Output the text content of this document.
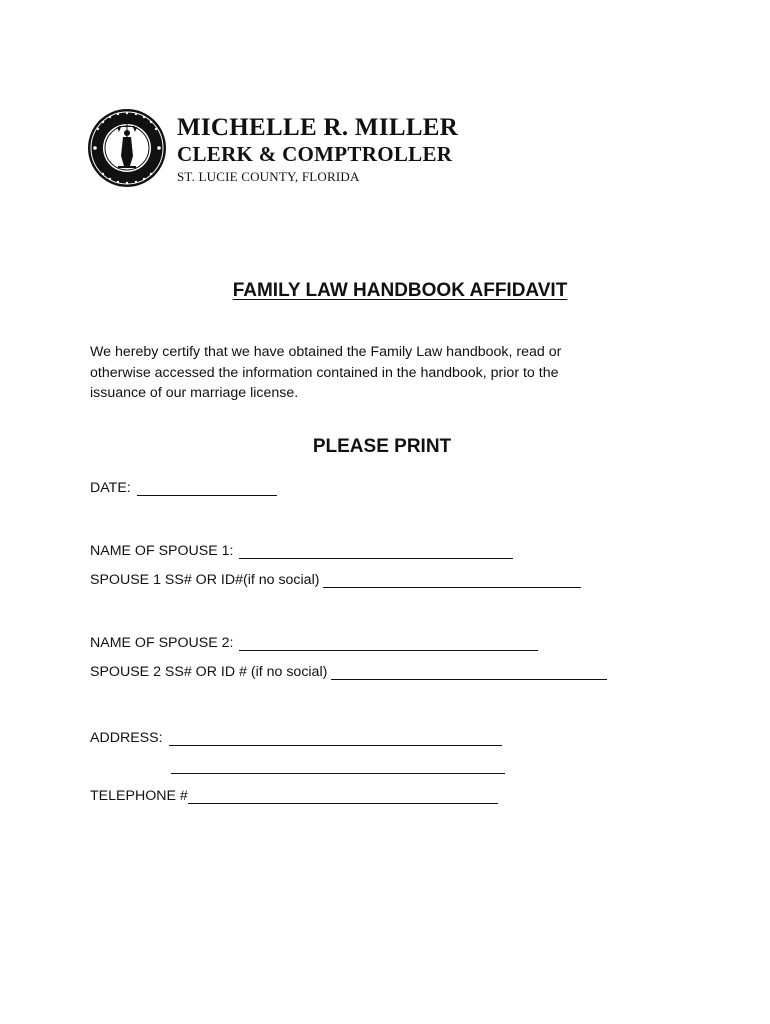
MICHELLE R. MILLER
CLERK & COMPTROLLER
ST. LUCIE COUNTY, FLORIDA
FAMILY LAW HANDBOOK AFFIDAVIT
We hereby certify that we have obtained the Family Law handbook, read or otherwise accessed the information contained in the handbook, prior to the issuance of our marriage license.
PLEASE PRINT
DATE:
NAME OF SPOUSE 1:
SPOUSE 1 SS# OR ID#(if no social)
NAME OF SPOUSE 2:
SPOUSE 2 SS# OR ID # (if no social)
ADDRESS:
TELEPHONE #
